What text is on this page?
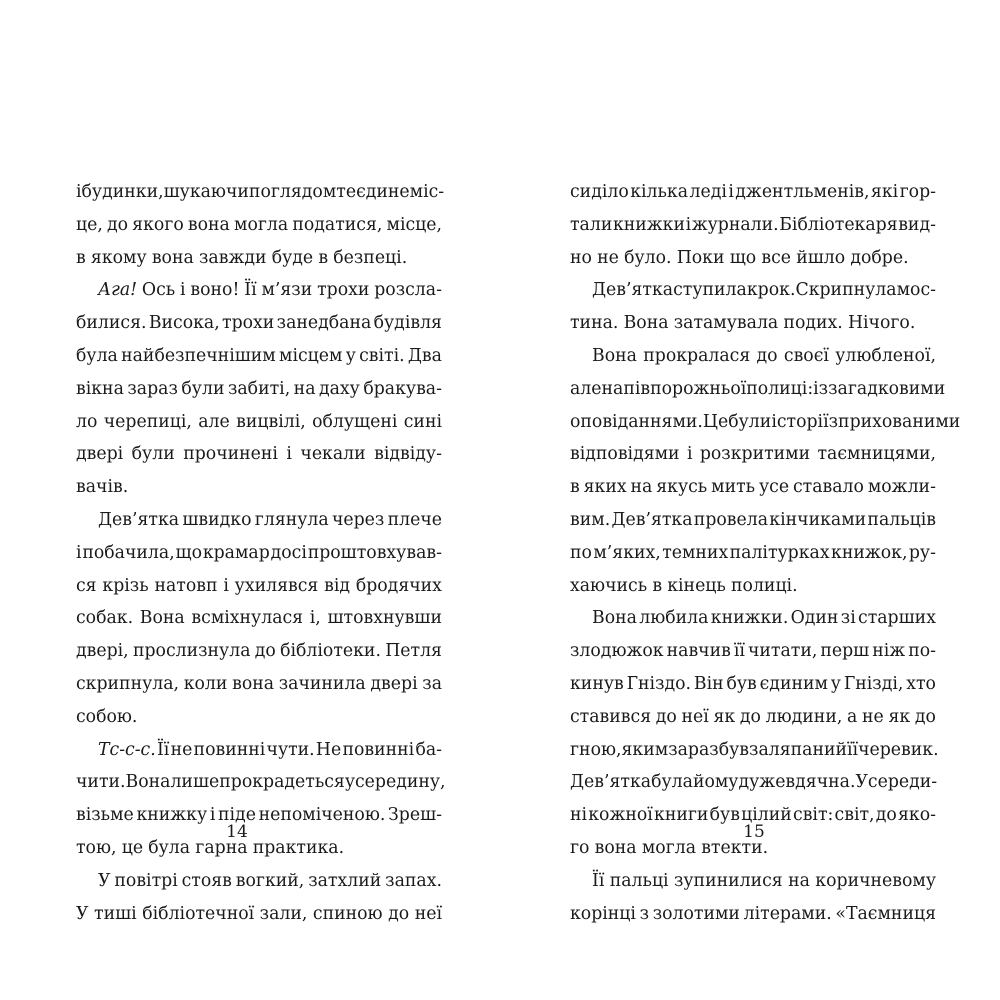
і будинки, шукаючи поглядом те єдине міс-
це, до якого вона могла податися, місце,
в якому вона завжди буде в безпеці.
Ага! Ось і воно! Її м’язи трохи розсла-
билися. Висока, трохи занедбана будівля
була найбезпечнішим місцем у світі. Два
вікна зараз були забиті, на даху бракува-
ло черепиці, але вицвілі, облущені сині
двері були прочинені і чекали відвіду-
вачів.
Дев’ятка швидко глянула через плече
і побачила, що крамар досі проштовхував-
ся крізь натовп і ухилявся від бродячих
собак. Вона всміхнулася і, штовхнувши
двері, прослизнула до бібліотеки. Петля
скрипнула, коли вона зачинила двері за
собою.
Тс-с-с. Її не повинні чути. Не повинні ба-
чити. Вона лише прокрадеться усередину,
візьме книжку і піде непоміченою. Зреш-
тою, це була гарна практика.
У повітрі стояв вогкий, затхлий запах.
У тиші бібліотечної зали, спиною до неї
сиділо кілька леді і джентльменів, які гор-
тали книжки і журнали. Бібліотекаря вид-
но не було. Поки що все йшло добре.
Дев’ятка ступила крок. Скрипнула мос-
тина. Вона затамувала подих. Нічого.
Вона прокралася до своєї улюбленої,
але напівпорожньої полиці: із загадковими
оповіданнями. Це були історії з прихованими
відповідями і розкритими таємницями,
в яких на якусь мить усе ставало можли-
вим. Дев’ятка провела кінчиками пальців
по м’яких, темних палітурках книжок, ру-
хаючись в кінець полиці.
Вона любила книжки. Один зі старших
злодюжок навчив її читати, перш ніж по-
кинув Гніздо. Він був єдиним у Гнізді, хто
ставився до неї як до людини, а не як до
гною, яким зараз був заляпаний її черевик.
Дев’ятка була йому дуже вдячна. Усереди-
ні кожної книги був цілий світ: світ, до яко-
го вона могла втекти.
Її пальці зупинилися на коричневому
корінці з золотими літерами. «Таємниця
14	15
